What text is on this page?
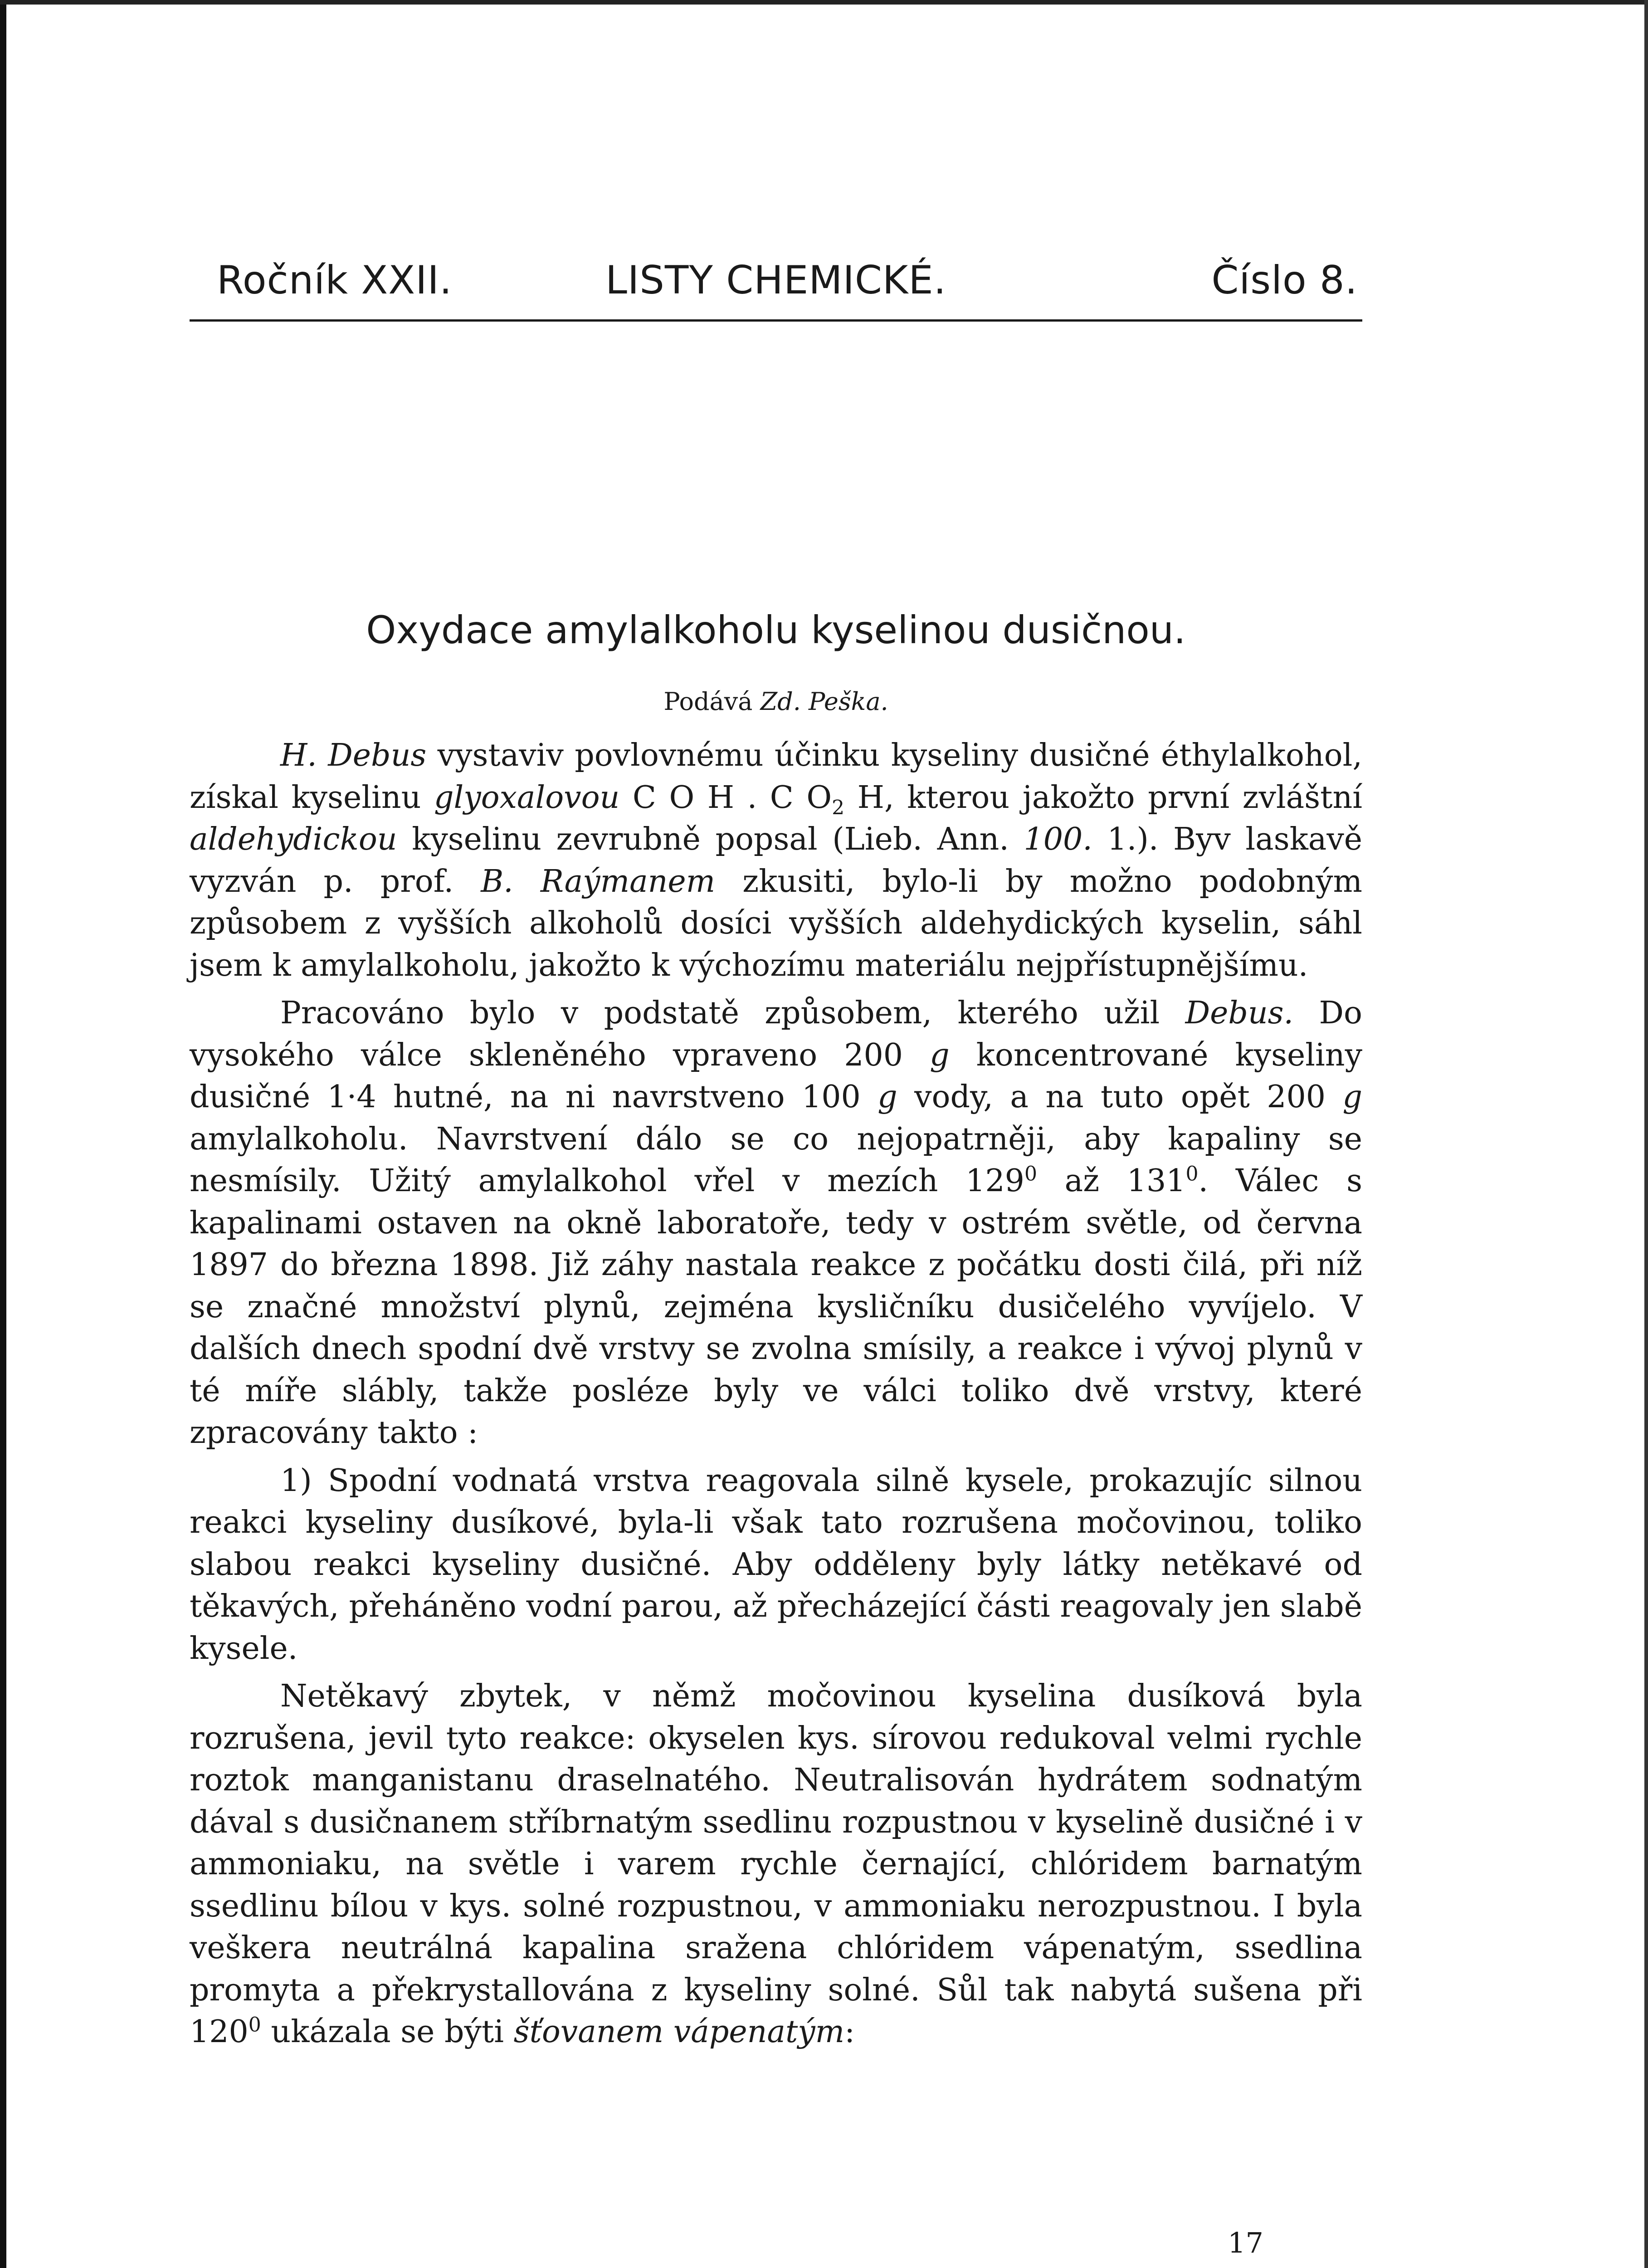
Ročník XXII.	LISTY CHEMICKÉ.	Číslo 8.
Oxydace amylalkoholu kyselinou dusičnou.
Podává Zd. Peška.

H. Debus vystaviv povlovnému účinku kyseliny dusičné éthylalkohol, získal kyselinu glyoxalovou C O H . C $O_2$ H, kterou jakožto první zvláštní aldehydickou kyselinu zevrubně popsal (Lieb. Ann. 100. 1.). Byv laskavě vyzván p. prof. B. Raýmanem zkusiti, bylo-li by možno podobným způsobem z vyšších alkoholů dosíci vyšších aldehydických kyselin, sáhl jsem k amylalkoholu, jakožto k výchozímu materiálu nejpřístupnějšímu.

Pracováno bylo v podstatě způsobem, kterého užil Debus. Do vysokého válce skleněného vpraveno 200 g koncentrované kyseliny dusičné 1·4 hutné, na ni navrstveno 100 g vody, a na tuto opět 200 g amylalkoholu. Navrstvení dálo se co nejopatrněji, aby kapaliny se nesmísily. Užitý amylalkohol vřel v mezích $129^0$ až $131^0$. Válec s kapalinami ostaven na okně laboratoře, tedy v ostrém světle, od června 1897 do března 1898. Již záhy nastala reakce z počátku dosti čilá, při níž se značné množství plynů, zejména kysličníku dusičelého vyvíjelo. V dalších dnech spodní dvě vrstvy se zvolna smísily, a reakce i vývoj plynů v té míře slábly, takže posléze byly ve válci toliko dvě vrstvy, které zpracovány takto :

1) Spodní vodnatá vrstva reagovala silně kysele, prokazujíc silnou reakci kyseliny dusíkové, byla-li však tato rozrušena močovinou, toliko slabou reakci kyseliny dusičné. Aby odděleny byly látky netěkavé od těkavých, přeháněno vodní parou, až přecházející části reagovaly jen slabě kysele.

Netěkavý zbytek, v němž močovinou kyselina dusíková byla rozrušena, jevil tyto reakce: okyselen kys. sírovou redukoval velmi rychle roztok manganistanu draselnatého. Neutralisován hydrátem sodnatým dával s dusičnanem stříbrnatým ssedlinu rozpustnou v kyselině dusičné i v ammoniaku, na světle i varem rychle černající, chlóridem barnatým ssedlinu bílou v kys. solné rozpustnou, v ammoniaku nerozpustnou. I byla veškera neutrálná kapalina sražena chlóridem vápenatým, ssedlina promyta a překrystallována z kyseliny solné. Sůl tak nabytá sušena při $120^0$ ukázala se býti šťovanem vápenatým:

17
